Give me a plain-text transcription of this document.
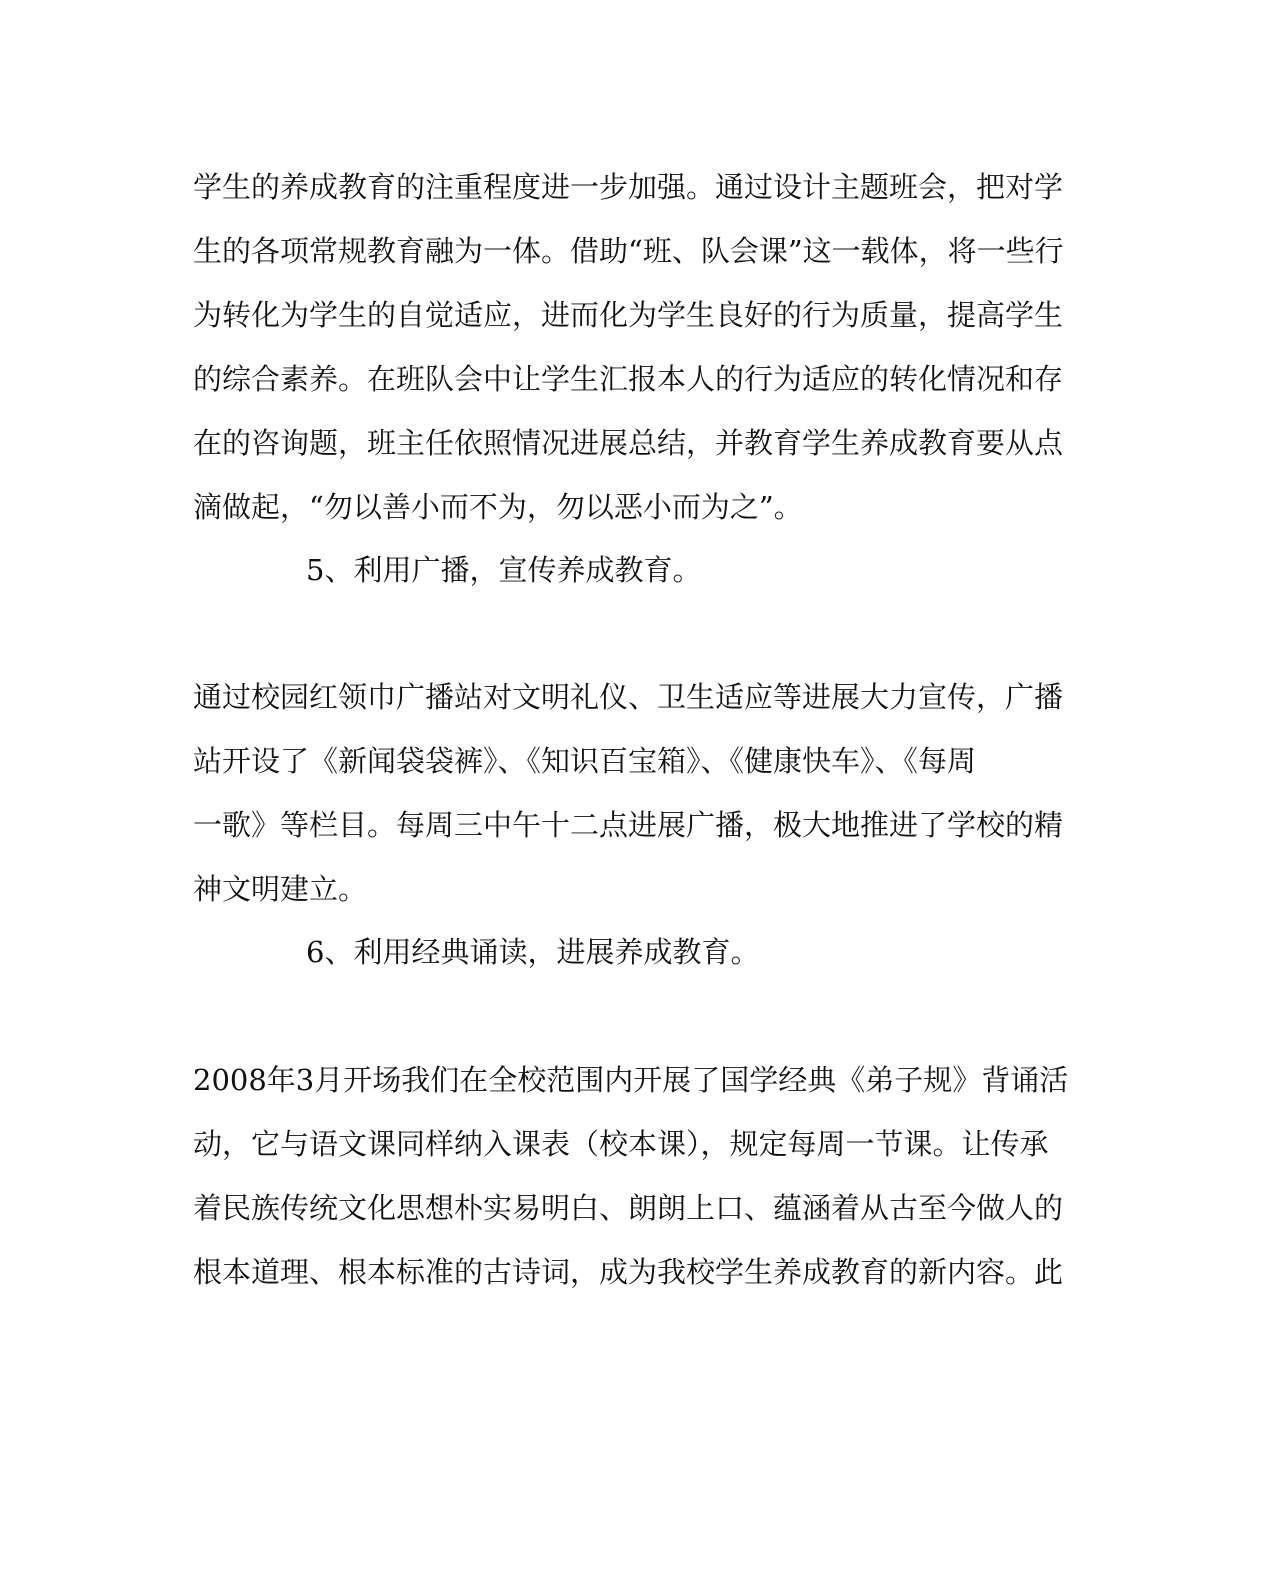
学生的养成教育的注重程度进一步加强。通过设计主题班会，把对学
生的各项常规教育融为一体。借助“班、队会课”这一载体，将一些行
为转化为学生的自觉适应，进而化为学生良好的行为质量，提高学生
的综合素养。在班队会中让学生汇报本人的行为适应的转化情况和存
在的咨询题，班主任依照情况进展总结，并教育学生养成教育要从点
滴做起，“勿以善小而不为，勿以恶小而为之”。
5、利用广播，宣传养成教育。
通过校园红领巾广播站对文明礼仪、卫生适应等进展大力宣传，广播
站开设了《新闻袋袋裤》、《知识百宝箱》、《健康快车》、《每周
一歌》等栏目。每周三中午十二点进展广播，极大地推进了学校的精
神文明建立。
6、利用经典诵读，进展养成教育。
2008年3月开场我们在全校范围内开展了国学经典《弟子规》背诵活
动，它与语文课同样纳入课表（校本课），规定每周一节课。让传承
着民族传统文化思想朴实易明白、朗朗上口、蕴涵着从古至今做人的
根本道理、根本标准的古诗词，成为我校学生养成教育的新内容。此
